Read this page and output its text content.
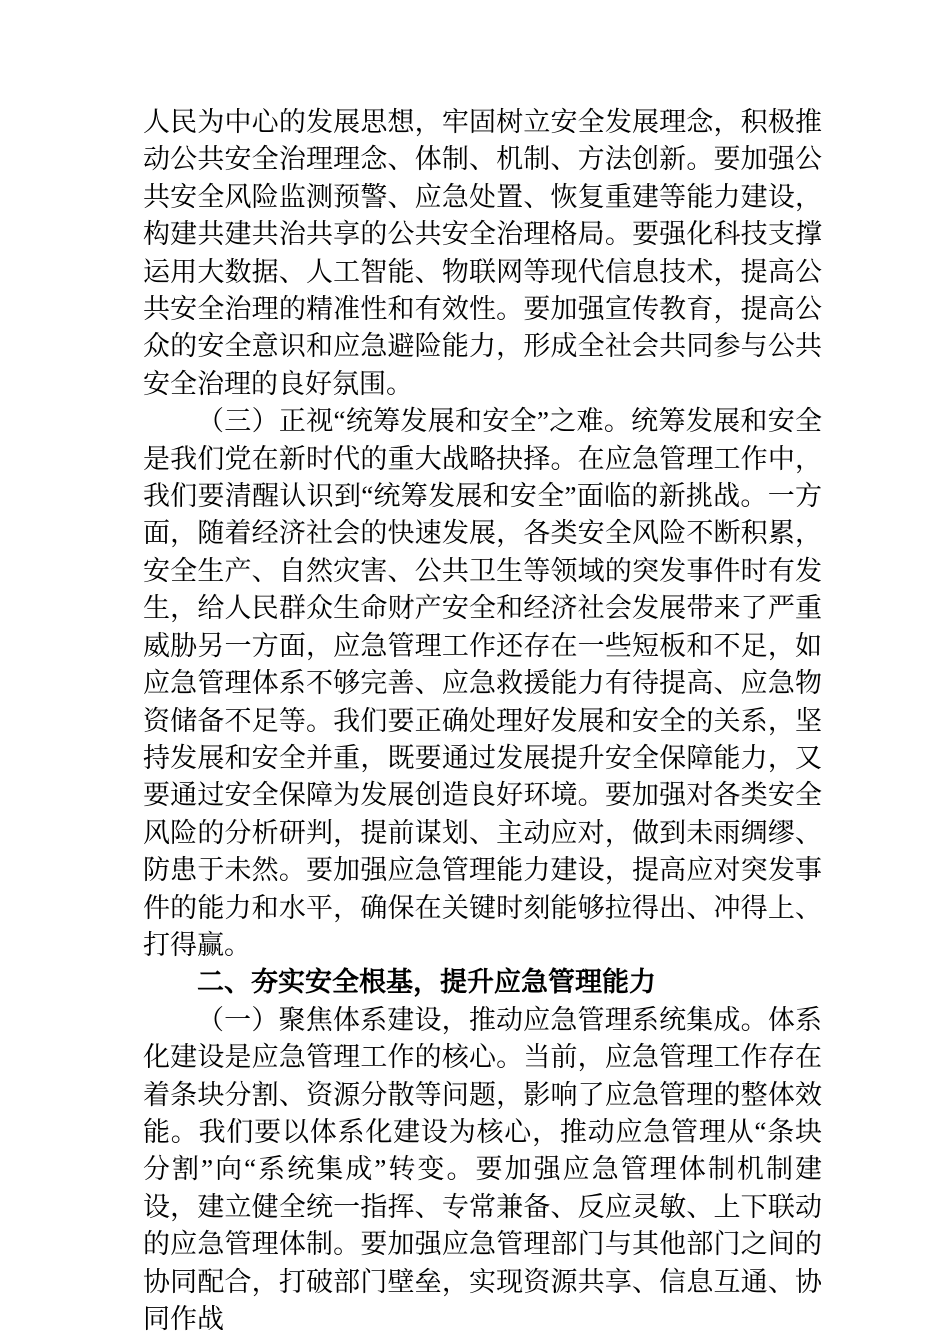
人民为中心的发展思想，牢固树立安全发展理念，积极推动公共安全治理理念、体制、机制、方法创新。要加强公共安全风险监测预警、应急处置、恢复重建等能力建设，构建共建共治共享的公共安全治理格局。要强化科技支撑运用大数据、人工智能、物联网等现代信息技术，提高公共安全治理的精准性和有效性。要加强宣传教育，提高公众的安全意识和应急避险能力，形成全社会共同参与公共安全治理的良好氛围。

（三）正视“统筹发展和安全”之难。统筹发展和安全是我们党在新时代的重大战略抉择。在应急管理工作中，我们要清醒认识到“统筹发展和安全”面临的新挑战。一方面，随着经济社会的快速发展，各类安全风险不断积累，安全生产、自然灾害、公共卫生等领域的突发事件时有发生，给人民群众生命财产安全和经济社会发展带来了严重威胁另一方面，应急管理工作还存在一些短板和不足，如应急管理体系不够完善、应急救援能力有待提高、应急物资储备不足等。我们要正确处理好发展和安全的关系，坚持发展和安全并重，既要通过发展提升安全保障能力，又要通过安全保障为发展创造良好环境。要加强对各类安全风险的分析研判，提前谋划、主动应对，做到未雨绸缪、防患于未然。要加强应急管理能力建设，提高应对突发事件的能力和水平，确保在关键时刻能够拉得出、冲得上、打得赢。

二、夯实安全根基，提升应急管理能力

（一）聚焦体系建设，推动应急管理系统集成。体系化建设是应急管理工作的核心。当前，应急管理工作存在着条块分割、资源分散等问题，影响了应急管理的整体效能。我们要以体系化建设为核心，推动应急管理从“条块分割”向“系统集成”转变。要加强应急管理体制机制建设，建立健全统一指挥、专常兼备、反应灵敏、上下联动的应急管理体制。要加强应急管理部门与其他部门之间的协同配合，打破部门壁垒，实现资源共享、信息互通、协同作战
